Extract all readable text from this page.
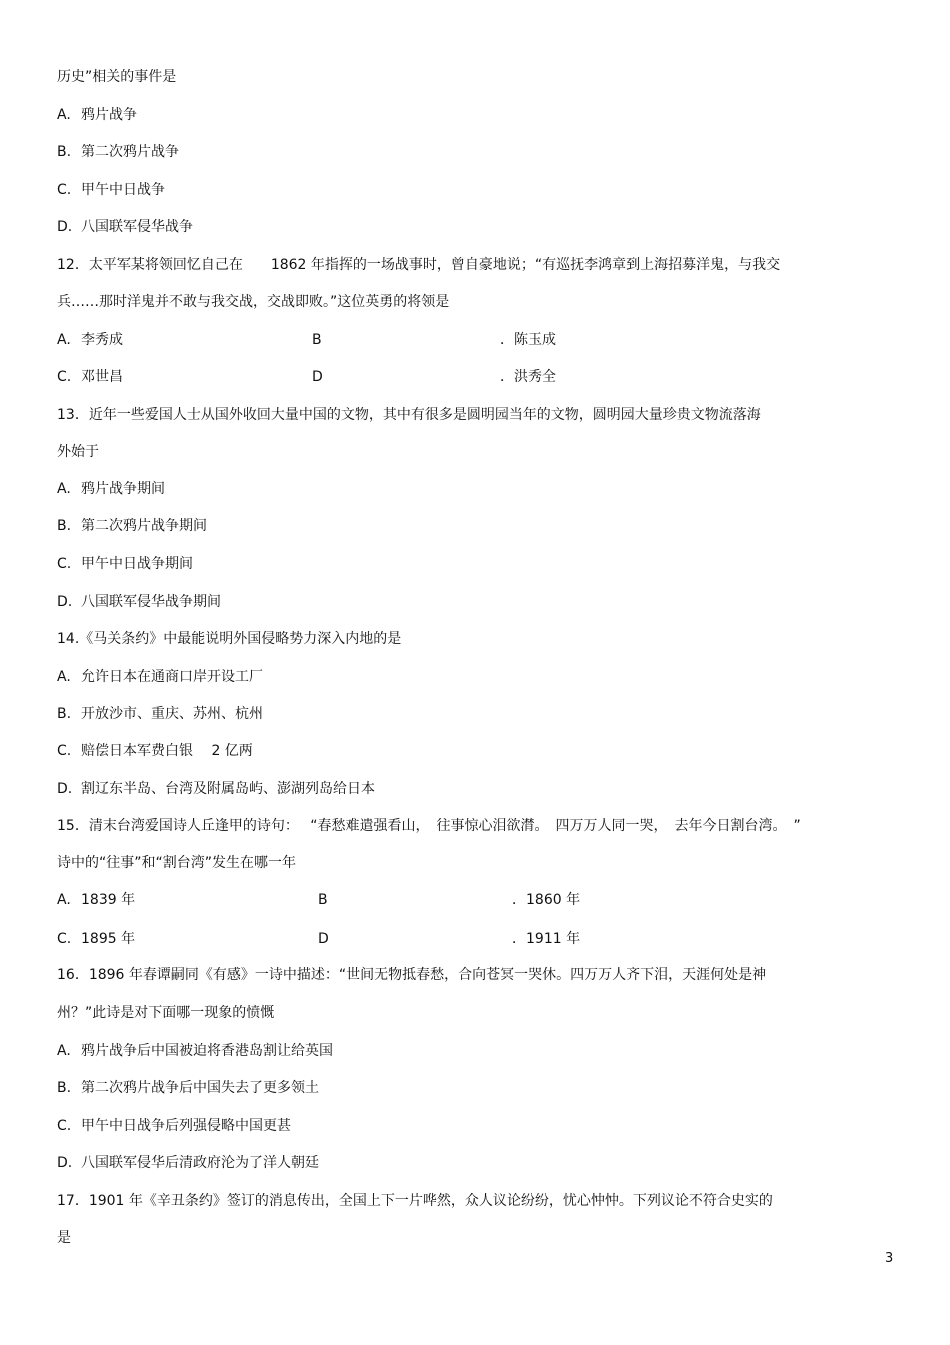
历史”相关的事件是
A. 鸦片战争
B. 第二次鸦片战争
C. 甲午中日战争
D. 八国联军侵华战争
12．太平军某将领回忆自己在　　1862 年指挥的一场战事时，曾自豪地说；“有巡抚李鸿章到上海招募洋鬼，与我交
兵……那时洋鬼并不敢与我交战，交战即败。”这位英勇的将领是
A. 李秀成	B	．陈玉成
C. 邓世昌	D	．洪秀全
13．近年一些爱国人士从国外收回大量中国的文物，其中有很多是圆明园当年的文物，圆明园大量珍贵文物流落海
外始于
A. 鸦片战争期间
B. 第二次鸦片战争期间
C. 甲午中日战争期间
D. 八国联军侵华战争期间
14.《马关条约》中最能说明外国侵略势力深入内地的是
A. 允许日本在通商口岸开设工厂
B. 开放沙市、重庆、苏州、杭州
C. 赔偿日本军费白银　 2 亿两
D. 割辽东半岛、台湾及附属岛屿、澎湖列岛给日本
15．清末台湾爱国诗人丘逢甲的诗句：　 “春愁难遣强看山，　往事惊心泪欲潸。　四万万人同一哭，　去年今日割台湾。　”
诗中的“往事”和“割台湾”发生在哪一年
A. 1839 年	B	．1860 年
C. 1895 年	D	．1911 年
16．1896 年春谭嗣同《有感》一诗中描述：“世间无物抵春愁，合向苍冥一哭休。四万万人齐下泪，天涯何处是神
州？”此诗是对下面哪一现象的愤慨
A. 鸦片战争后中国被迫将香港岛割让给英国
B. 第二次鸦片战争后中国失去了更多领土
C. 甲午中日战争后列强侵略中国更甚
D. 八国联军侵华后清政府沦为了洋人朝廷
17．1901 年《辛丑条约》签订的消息传出，全国上下一片哗然，众人议论纷纷，忧心忡忡。下列议论不符合史实的
是
3
